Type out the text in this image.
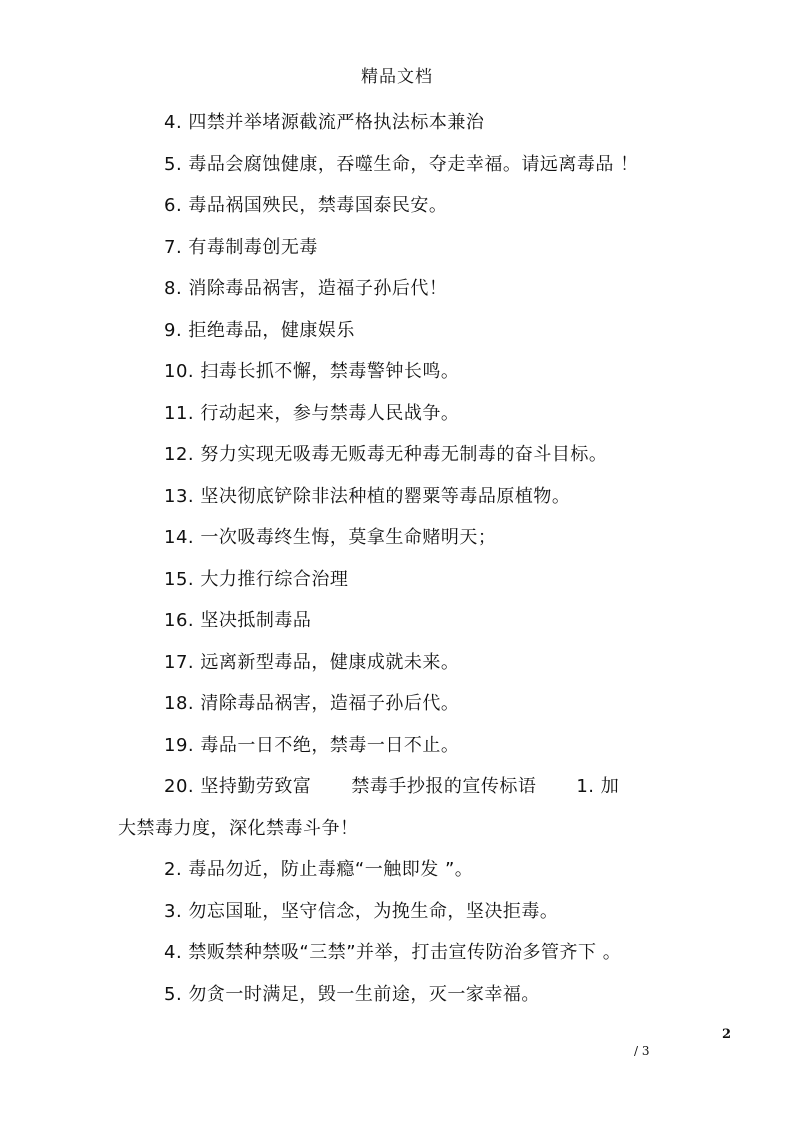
精品文档
4. 四禁并举堵源截流严格执法标本兼治
5. 毒品会腐蚀健康，吞噬生命，夺走幸福。请远离毒品 ！
6. 毒品祸国殃民，禁毒国泰民安。
7. 有毒制毒创无毒
8. 消除毒品祸害，造福子孙后代！
9. 拒绝毒品，健康娱乐
10. 扫毒长抓不懈，禁毒警钟长鸣。
11. 行动起来，参与禁毒人民战争。
12. 努力实现无吸毒无贩毒无种毒无制毒的奋斗目标。
13. 坚决彻底铲除非法种植的罂粟等毒品原植物。
14. 一次吸毒终生悔，莫拿生命赌明天；
15. 大力推行综合治理
16. 坚决抵制毒品
17. 远离新型毒品，健康成就未来。
18. 清除毒品祸害，造福子孙后代。
19. 毒品一日不绝，禁毒一日不止。
20. 坚持勤劳致富 禁毒手抄报的宣传标语 1. 加
大禁毒力度，深化禁毒斗争！
2. 毒品勿近，防止毒瘾“一触即发 ”。
3. 勿忘国耻，坚守信念，为挽生命，坚决拒毒。
4. 禁贩禁种禁吸“三禁”并举，打击宣传防治多管齐下 。
5. 勿贪一时满足，毁一生前途，灭一家幸福。
2
/ 3
